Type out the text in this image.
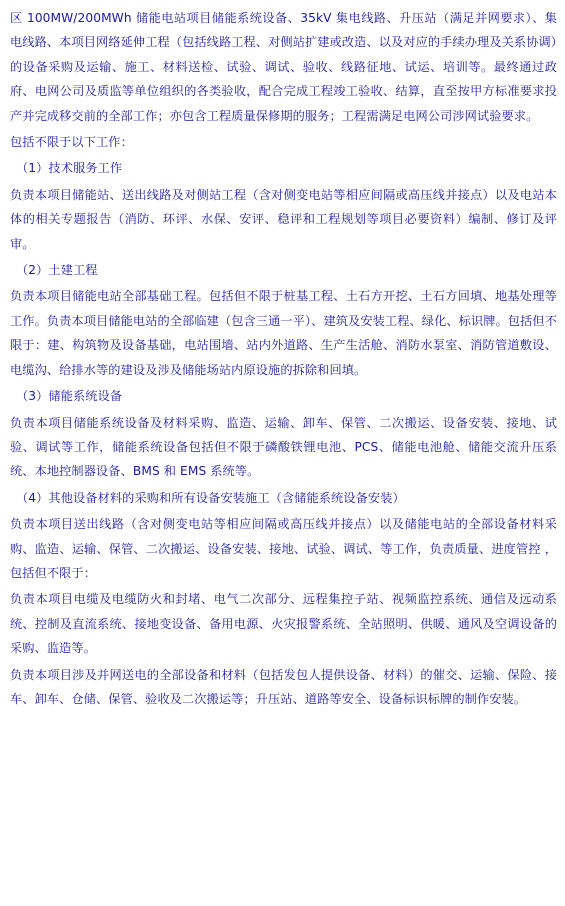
区 100MW/200MWh 储能电站项目储能系统设备、35kV 集电线路、升压站（满足并网要求）、集电线路、本项目网络延伸工程（包括线路工程、对侧站扩建或改造、以及对应的手续办理及关系协调）的设备采购及运输、施工、材料送检、试验、调试、验收、线路征地、试运、培训等。最终通过政府、电网公司及质监等单位组织的各类验收，配合完成工程竣工验收、结算，直至按甲方标准要求投产并完成移交前的全部工作；亦包含工程质量保修期的服务；工程需满足电网公司涉网试验要求。

包括不限于以下工作：

（1）技术服务工作

负责本项目储能站、送出线路及对侧站工程（含对侧变电站等相应间隔或高压线并接点）以及电站本体的相关专题报告（消防、环评、水保、安评、稳评和工程规划等项目必要资料）编制、修订及评审。

（2）土建工程

负责本项目储能电站全部基础工程。包括但不限于桩基工程、土石方开挖、土石方回填、地基处理等工作。负责本项目储能电站的全部临建（包含三通一平）、建筑及安装工程、绿化、标识牌。包括但不限于：建、构筑物及设备基础，电站围墙、站内外道路、生产生活舱、消防水泵室、消防管道敷设、电缆沟、给排水等的建设及涉及储能场站内原设施的拆除和回填。

（3）储能系统设备

负责本项目储能系统设备及材料采购、监造、运输、卸车、保管、二次搬运、设备安装、接地、试验、调试等工作，储能系统设备包括但不限于磷酸铁锂电池、PCS、储能电池舱、储能交流升压系统、本地控制器设备、BMS 和 EMS 系统等。

（4）其他设备材料的采购和所有设备安装施工（含储能系统设备安装）

负责本项目送出线路（含对侧变电站等相应间隔或高压线并接点）以及储能电站的全部设备材料采购、监造、运输、保管、二次搬运、设备安装、接地、试验、调试、等工作，负责质量、进度管控 ，包括但不限于：

负责本项目电缆及电缆防火和封堵、电气二次部分、远程集控子站、视频监控系统、通信及远动系统、控制及直流系统、接地变设备、备用电源、火灾报警系统、全站照明、供暖、通风及空调设备的采购、监造等。

负责本项目涉及并网送电的全部设备和材料（包括发包人提供设备、材料）的催交、运输、保险、接车、卸车、仓储、保管、验收及二次搬运等；升压站、道路等安全、设备标识标牌的制作安装。
